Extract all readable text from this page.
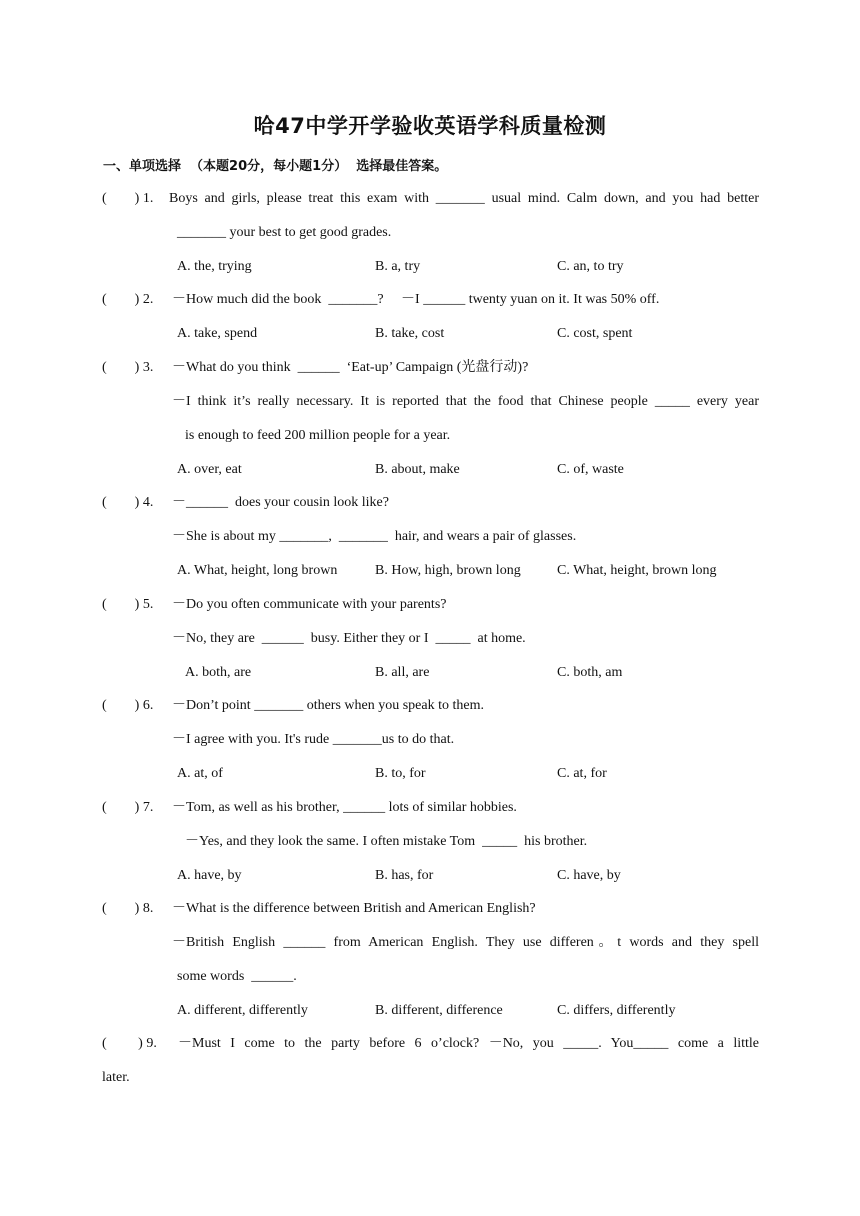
哈47中学开学验收英语学科质量检测
一、单项选择  （本题20分，每小题1分）  选择最佳答案。
(        ) 1. Boys and girls, please treat this exam with _______ usual mind. Calm down, and you had better
_______ your best to get good grades.
A. the, trying	B. a, try	C. an, to try
(        ) 2. －How much did the book  _______?     －I ______ twenty yuan on it. It was 50% off.
A. take, spend	B. take, cost	C. cost, spent
(        ) 3. －What do you think  ______  ‘Eat-up’ Campaign (光盘行动)?
－I think it’s really necessary. It is reported that the food that Chinese people _____ every year
is enough to feed 200 million people for a year.
A. over, eat	B. about, make	C. of, waste
(        ) 4. －______  does your cousin look like?
－She is about my _______,  _______  hair, and wears a pair of glasses.
A. What, height, long brown	B. How, high, brown long	C. What, height, brown long
(        ) 5. －Do you often communicate with your parents?
－No, they are  ______  busy. Either they or I  _____  at home.
A. both, are	B. all, are	C. both, am
(        ) 6. －Don’t point _______ others when you speak to them.
－I agree with you. It's rude _______us to do that.
A. at, of	B. to, for	C. at, for
(        ) 7. －Tom, as well as his brother, ______ lots of similar hobbies.
－Yes, and they look the same. I often mistake Tom  _____  his brother.
A. have, by	B. has, for	C. have, by
(        ) 8. －What is the difference between British and American English?
－British English ______ from American English. They use differen。t words and they spell
some words  ______.
A. different, differently	B. different, difference	C. differs, differently
(         ) 9. －Must I come to the party before 6 o’clock? －No, you _____. You_____ come a little
later.
